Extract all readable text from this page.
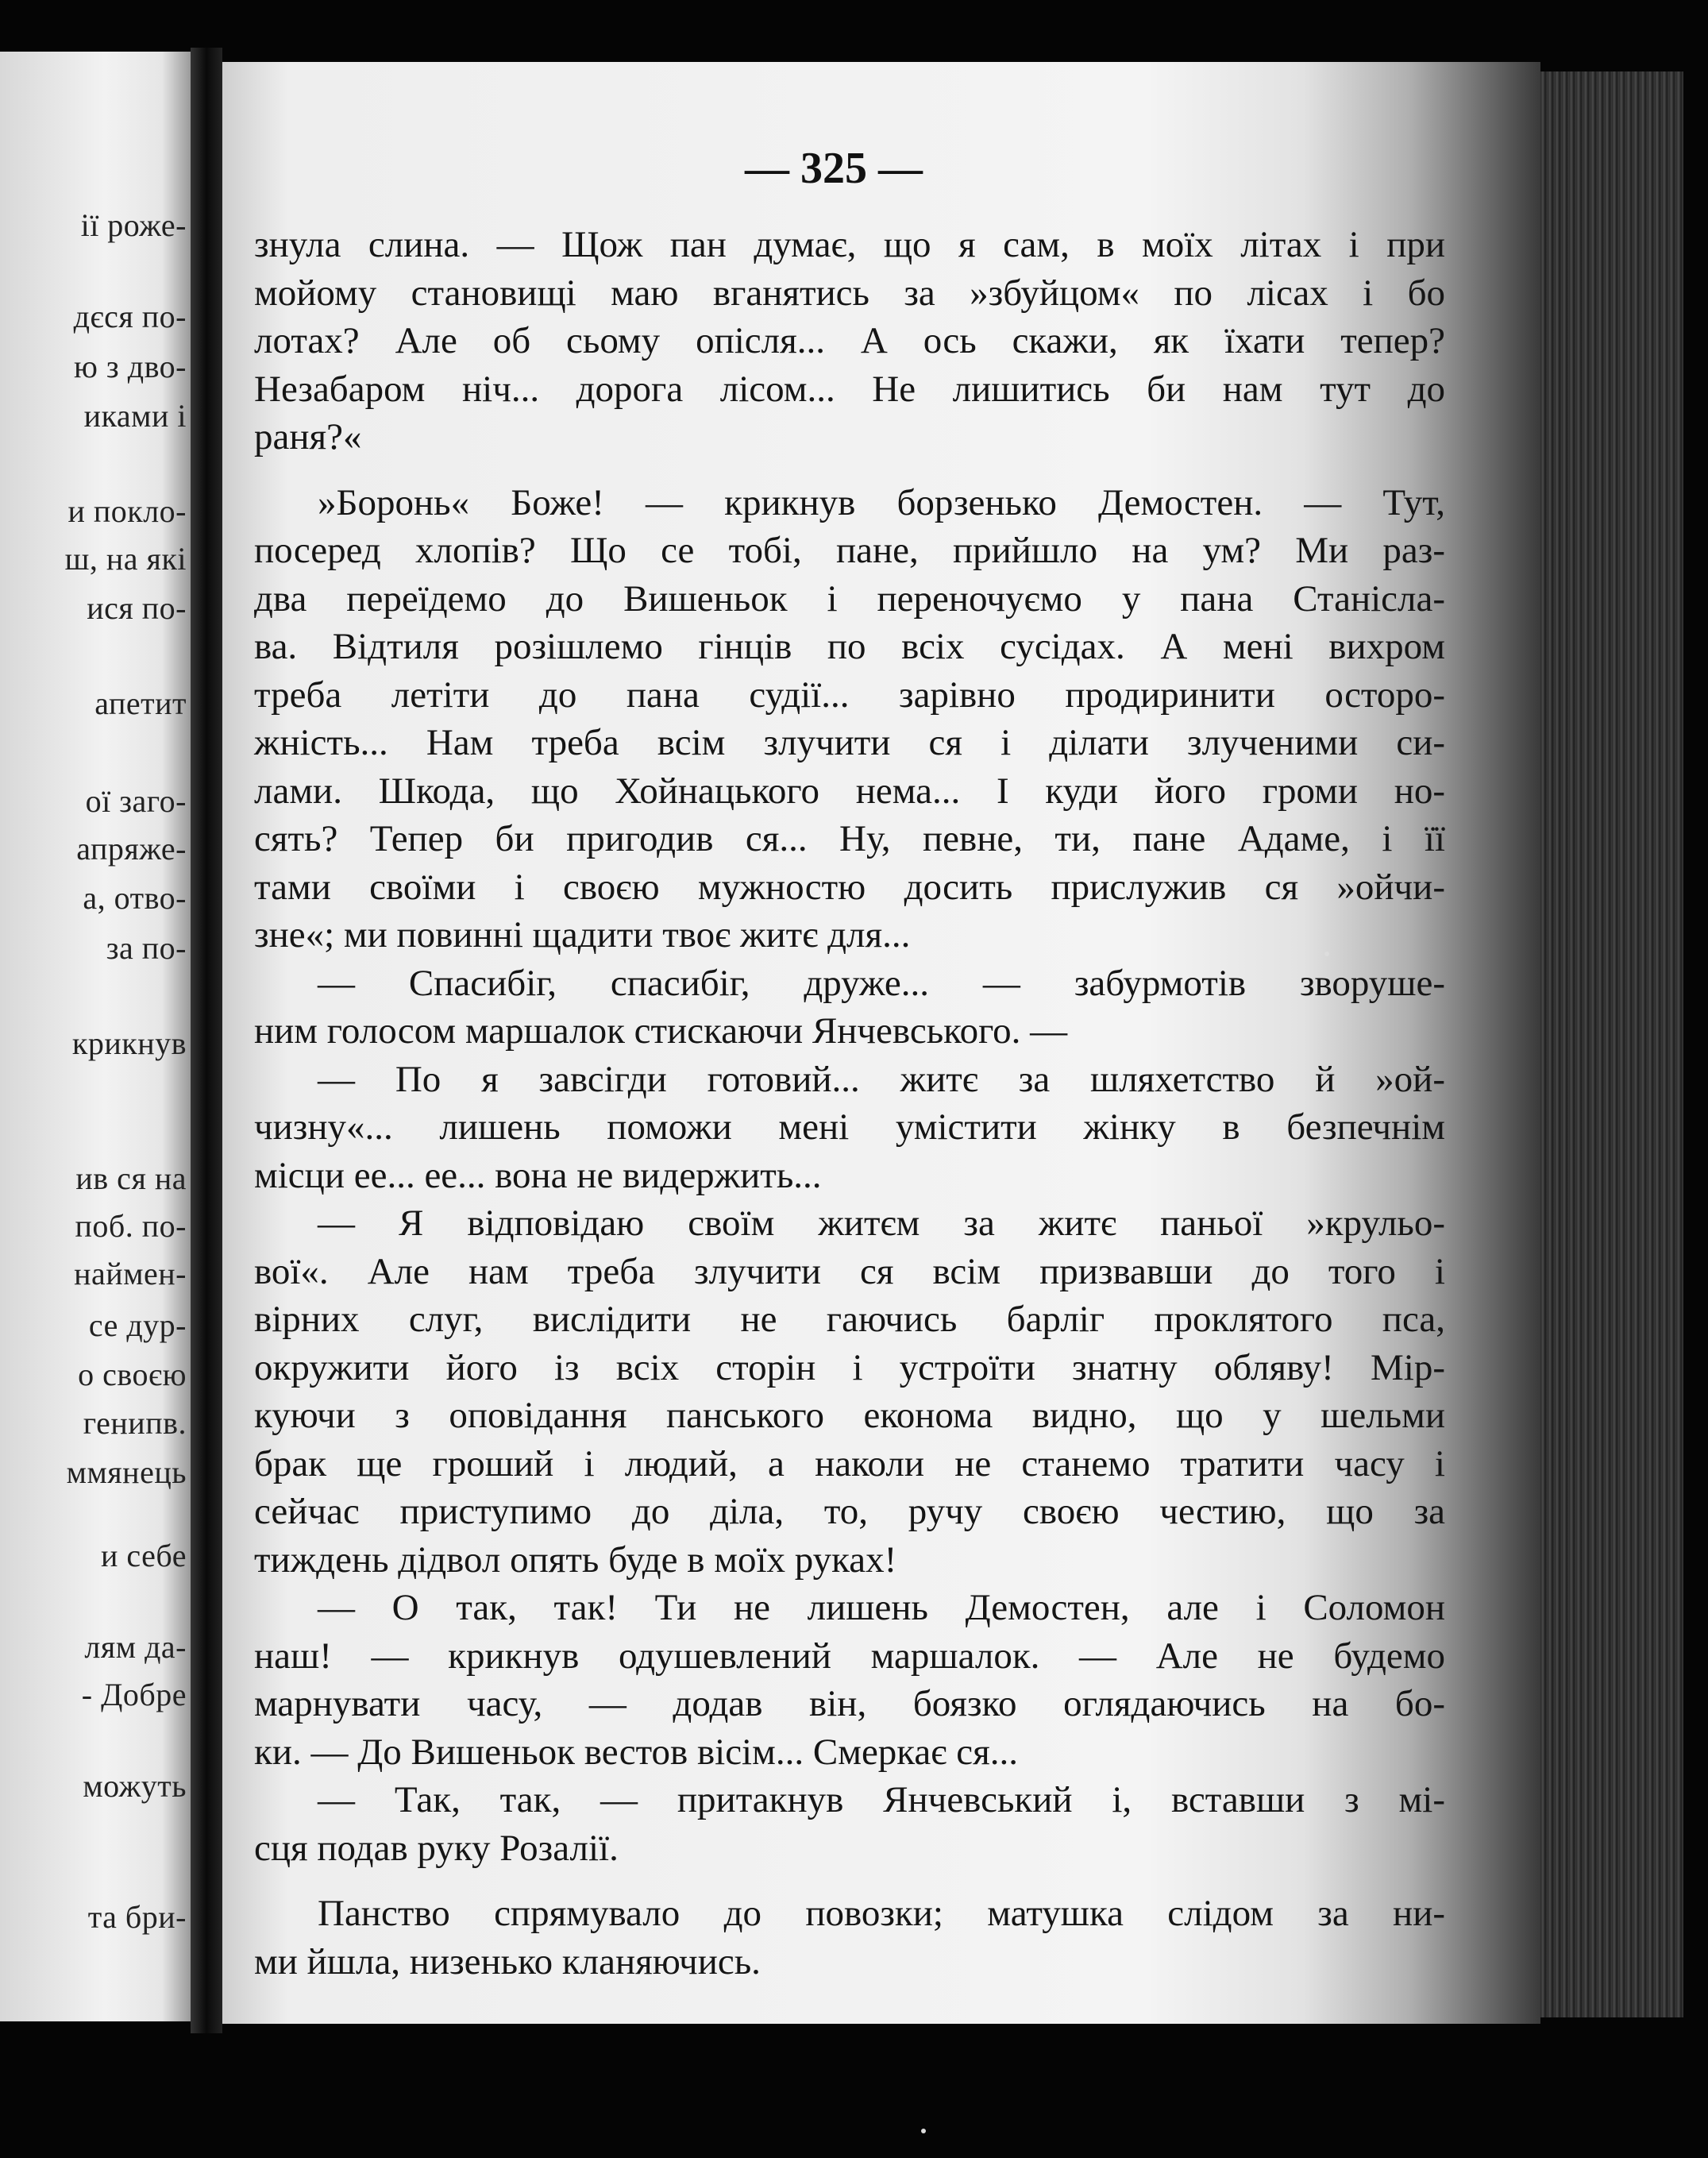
ії роже-
дєся по-
ю з дво-
иками і
и покло-
ш, на які
ися по-
апетит
ої заго-
апряже-
а, отво-
за по-
крикнув
ив ся на
поб. по-
наймен-
се дур-
о своєю
генипв.
ммянець
и себе
лям да-
- Добре
можуть
та бри-
— 325 —
знула слина. — Щож пан думає, що я сам, в моїх літах і при
мойому становищі маю вганятись за »збуйцом« по лісах і бо
лотах? Але об сьому опісля... А ось скажи, як їхати тепер?
Незабаром ніч... дорога лісом... Не лишитись би нам тут до
раня?«
»Боронь« Боже! — крикнув борзенько Демостен. — Тут,
посеред хлопів? Що се тобі, пане, прийшло на ум? Ми раз-
два переїдемо до Вишеньок і переночуємо у пана Станісла-
ва. Відтиля розішлемо гінців по всіх сусідах. А мені вихром
треба летіти до пана судії... зарівно продиринити осторо-
жність... Нам треба всім злучити ся і ділати злученими си-
лами. Шкода, що Хойнацького нема... І куди його громи но-
сять? Тепер би пригодив ся... Ну, певне, ти, пане Адаме, і її
тами своїми і своєю мужностю досить прислужив ся »ойчи-
зне«; ми повинні щадити твоє житє для...
— Спасибіг, спасибіг, друже... — забурмотів зворуше-
ним голосом маршалок стискаючи Янчевського. —
— По я завсігди готовий... житє за шляхетство й »ой-
чизну«... лишень поможи мені умістити жінку в безпечнім
місци ее... ее... вона не видержить...
— Я відповідаю своїм житєм за житє паньої »крульо-
вої«. Але нам треба злучити ся всім призвавши до того і
вірних слуг, вислідити не гаючись барліг проклятого пса,
окружити його із всіх сторін і устроїти знатну обляву! Мір-
куючи з оповідання панського економа видно, що у шельми
брак ще гроший і людий, а наколи не станемо тратити часу і
сейчас приступимо до діла, то, ручу своєю честию, що за
тиждень дідвол опять буде в моїх руках!
— О так, так! Ти не лишень Демостен, але і Соломон
наш! — крикнув одушевлений маршалок. — Але не будемо
марнувати часу, — додав він, боязко оглядаючись на бо-
ки. — До Вишеньок вестов вісім... Смеркає ся...
— Так, так, — притакнув Янчевський і, вставши з мі-
сця подав руку Розалії.
Панство спрямувало до повозки; матушка слідом за ни-
ми йшла, низенько кланяючись.
